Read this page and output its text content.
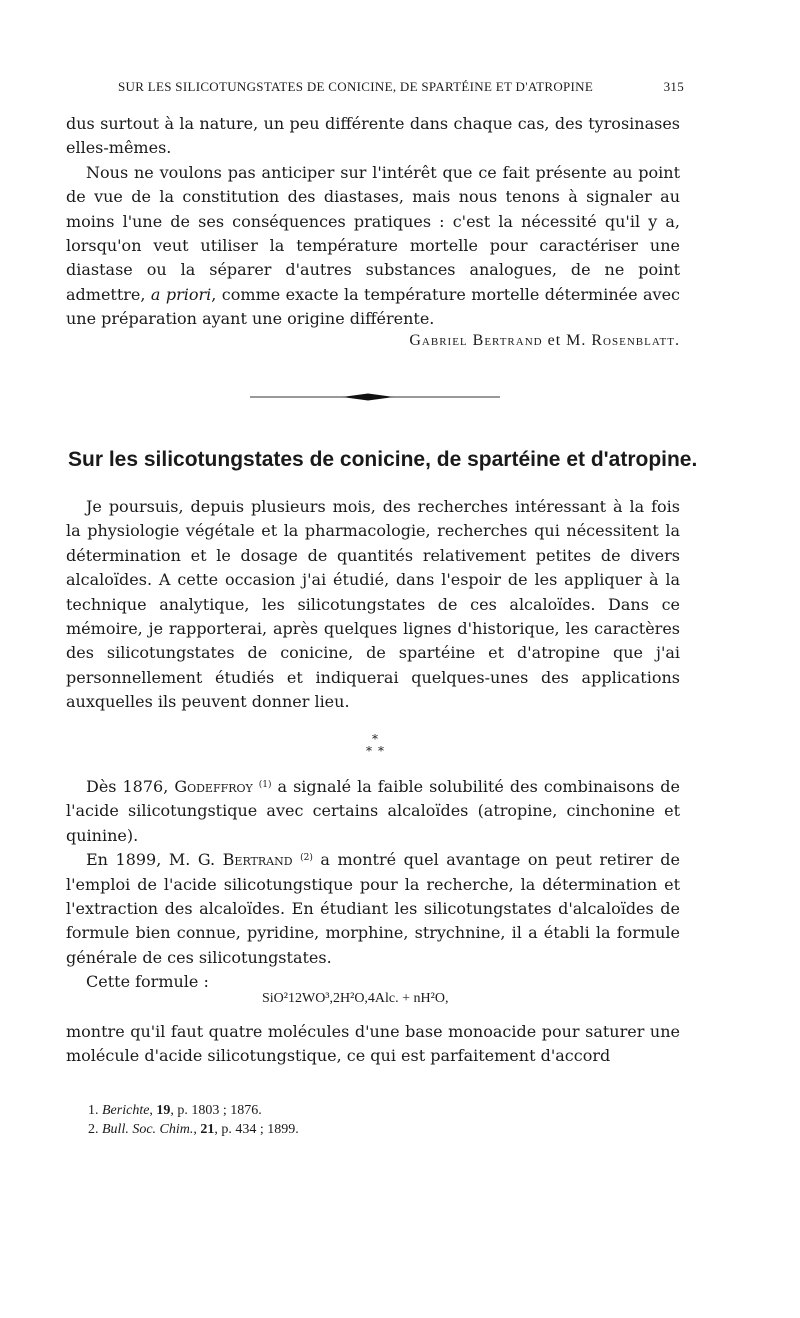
SUR LES SILICOTUNGSTATES DE CONICINE, DE SPARTÉINE ET D'ATROPINE	315

dus surtout à la nature, un peu différente dans chaque cas, des tyrosinases elles-mêmes.

Nous ne voulons pas anticiper sur l'intérêt que ce fait présente au point de vue de la constitution des diastases, mais nous tenons à signaler au moins l'une de ses conséquences pratiques : c'est la nécessité qu'il y a, lorsqu'on veut utiliser la température mortelle pour caractériser une diastase ou la séparer d'autres substances analogues, de ne point admettre, a priori, comme exacte la température mortelle déterminée avec une préparation ayant une origine différente.

Gabriel Bertrand et M. Rosenblatt.
Sur les silicotungstates de conicine, de spartéine et d'atropine.

Je poursuis, depuis plusieurs mois, des recherches intéressant à la fois la physiologie végétale et la pharmacologie, recherches qui nécessitent la détermination et le dosage de quantités relativement petites de divers alcaloïdes. A cette occasion j'ai étudié, dans l'espoir de les appliquer à la technique analytique, les silicotungstates de ces alcaloïdes. Dans ce mémoire, je rapporterai, après quelques lignes d'historique, les caractères des silicotungstates de conicine, de spartéine et d'atropine que j'ai personnellement étudiés et indiquerai quelques-unes des applications auxquelles ils peuvent donner lieu.

*
* *

Dès 1876, Godeffroy $^{(1)}$ a signalé la faible solubilité des combinaisons de l'acide silicotungstique avec certains alcaloïdes (atropine, cinchonine et quinine).

En 1899, M. G. Bertrand $^{(2)}$ a montré quel avantage on peut retirer de l'emploi de l'acide silicotungstique pour la recherche, la détermination et l'extraction des alcaloïdes. En étudiant les silicotungstates d'alcaloïdes de formule bien connue, pyridine, morphine, strychnine, il a établi la formule générale de ces silicotungstates.

Cette formule :

SiO²12WO³,2H²O,4Alc. + nH²O,

montre qu'il faut quatre molécules d'une base monoacide pour saturer une molécule d'acide silicotungstique, ce qui est parfaitement d'accord

1. Berichte, 19, p. 1803 ; 1876.
2. Bull. Soc. Chim., 21, p. 434 ; 1899.
